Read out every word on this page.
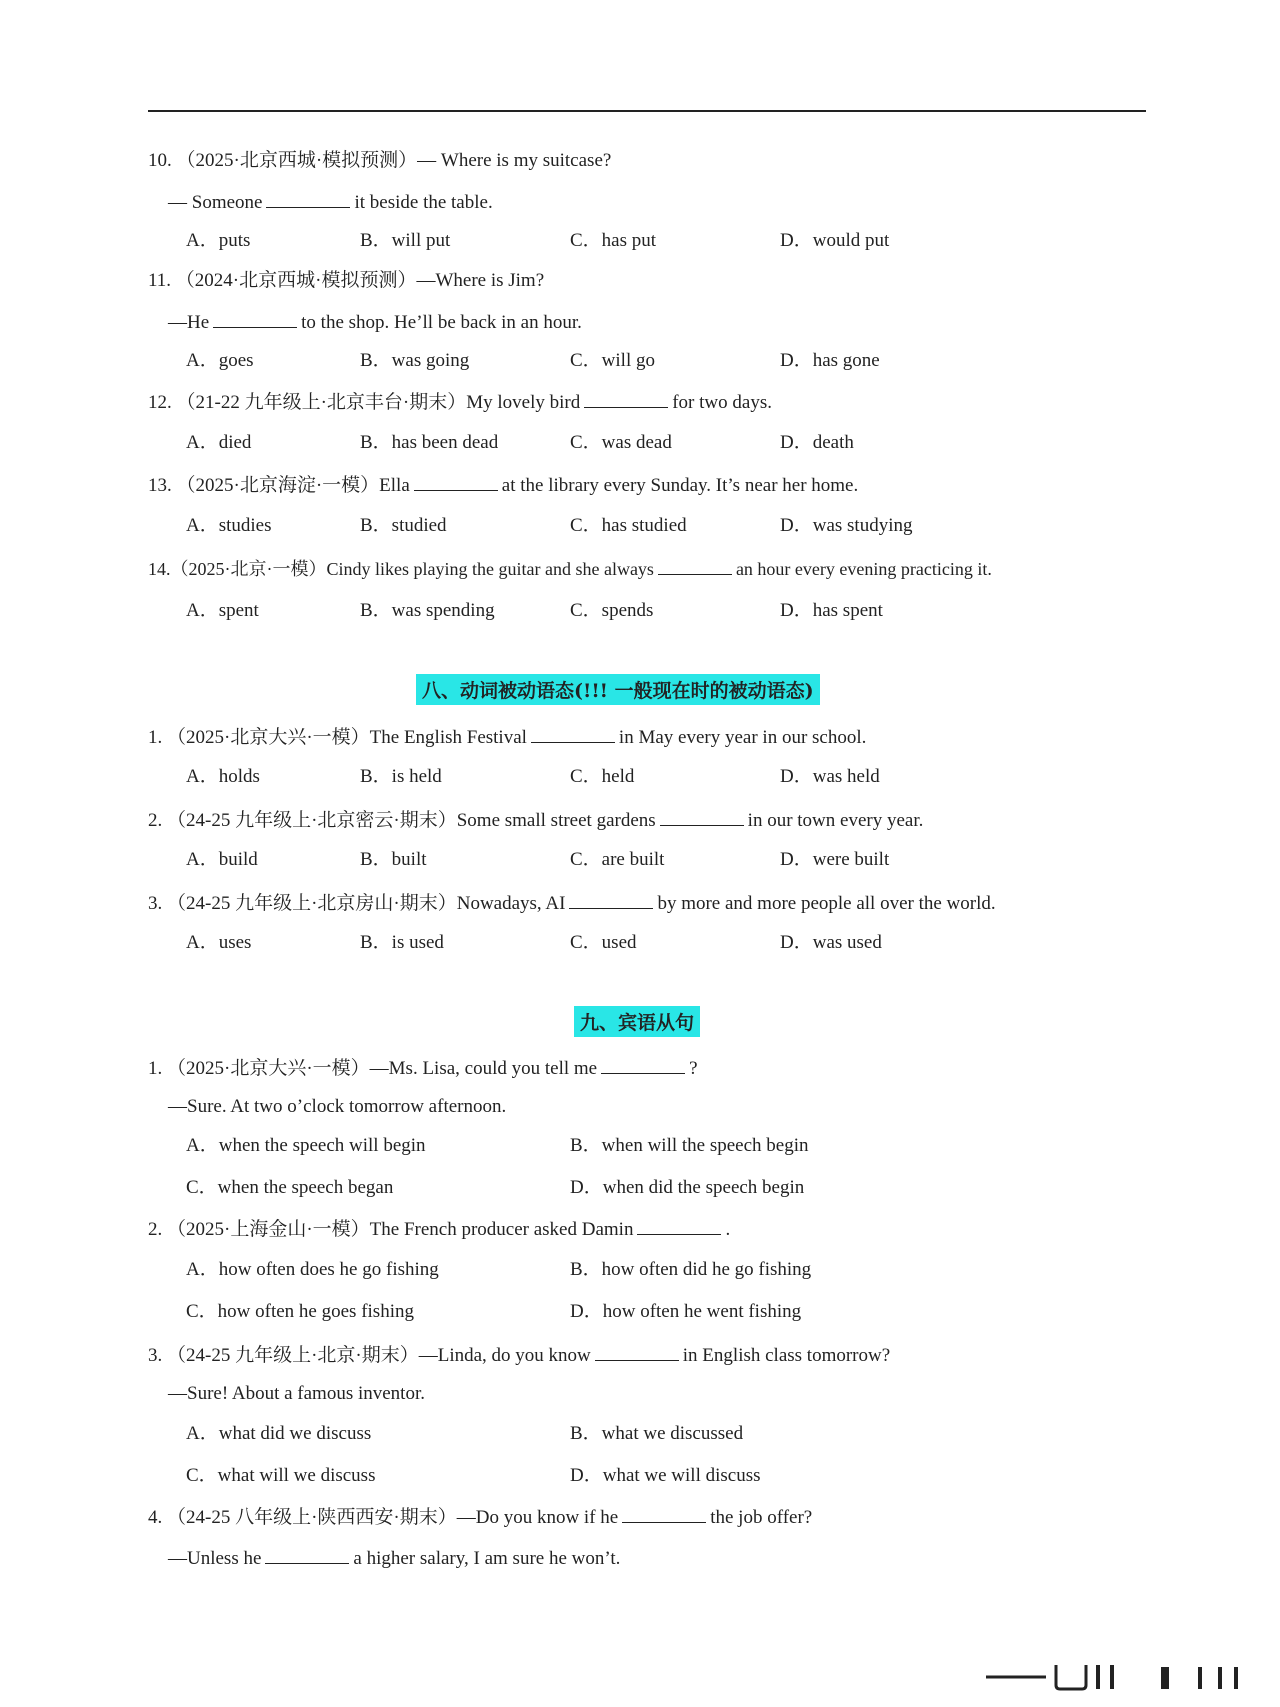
10. （2025·北京西城·模拟预测）— Where is my suitcase?
— Someone	it beside the table.
A．puts	B．will put	C．has put	D．would put
11. （2024·北京西城·模拟预测）—Where is Jim?
—He	to the shop. He’ll be back in an hour.
A．goes	B．was going	C．will go	D．has gone
12. （21-22 九年级上·北京丰台·期末）My lovely bird	for two days.
A．died	B．has been dead	C．was dead	D．death
13. （2025·北京海淀·一模）Ella	at the library every Sunday. It’s near her home.
A．studies	B．studied	C．has studied	D．was studying
14.（2025·北京·一模）Cindy likes playing the guitar and she always	an hour every evening practicing it.
A．spent	B．was spending	C．spends	D．has spent
八、动词被动语态(!!! 一般现在时的被动语态)
1. （2025·北京大兴·一模）The English Festival	in May every year in our school.
A．holds	B．is held	C．held	D．was held
2. （24-25 九年级上·北京密云·期末）Some small street gardens	in our town every year.
A．build	B．built	C．are built	D．were built
3. （24-25 九年级上·北京房山·期末）Nowadays, AI	by more and more people all over the world.
A．uses	B．is used	C．used	D．was used
九、宾语从句
1. （2025·北京大兴·一模）—Ms. Lisa, could you tell me	?
—Sure. At two o’clock tomorrow afternoon.
A．when the speech will begin	B．when will the speech begin
C．when the speech began	D．when did the speech begin
2. （2025·上海金山·一模）The French producer asked Damin	.
A．how often does he go fishing	B．how often did he go fishing
C．how often he goes fishing	D．how often he went fishing
3. （24-25 九年级上·北京·期末）—Linda, do you know	in English class tomorrow?
—Sure! About a famous inventor.
A．what did we discuss	B．what we discussed
C．what will we discuss	D．what we will discuss
4. （24-25 八年级上·陕西西安·期末）—Do you know if he	the job offer?
—Unless he	a higher salary, I am sure he won’t.
